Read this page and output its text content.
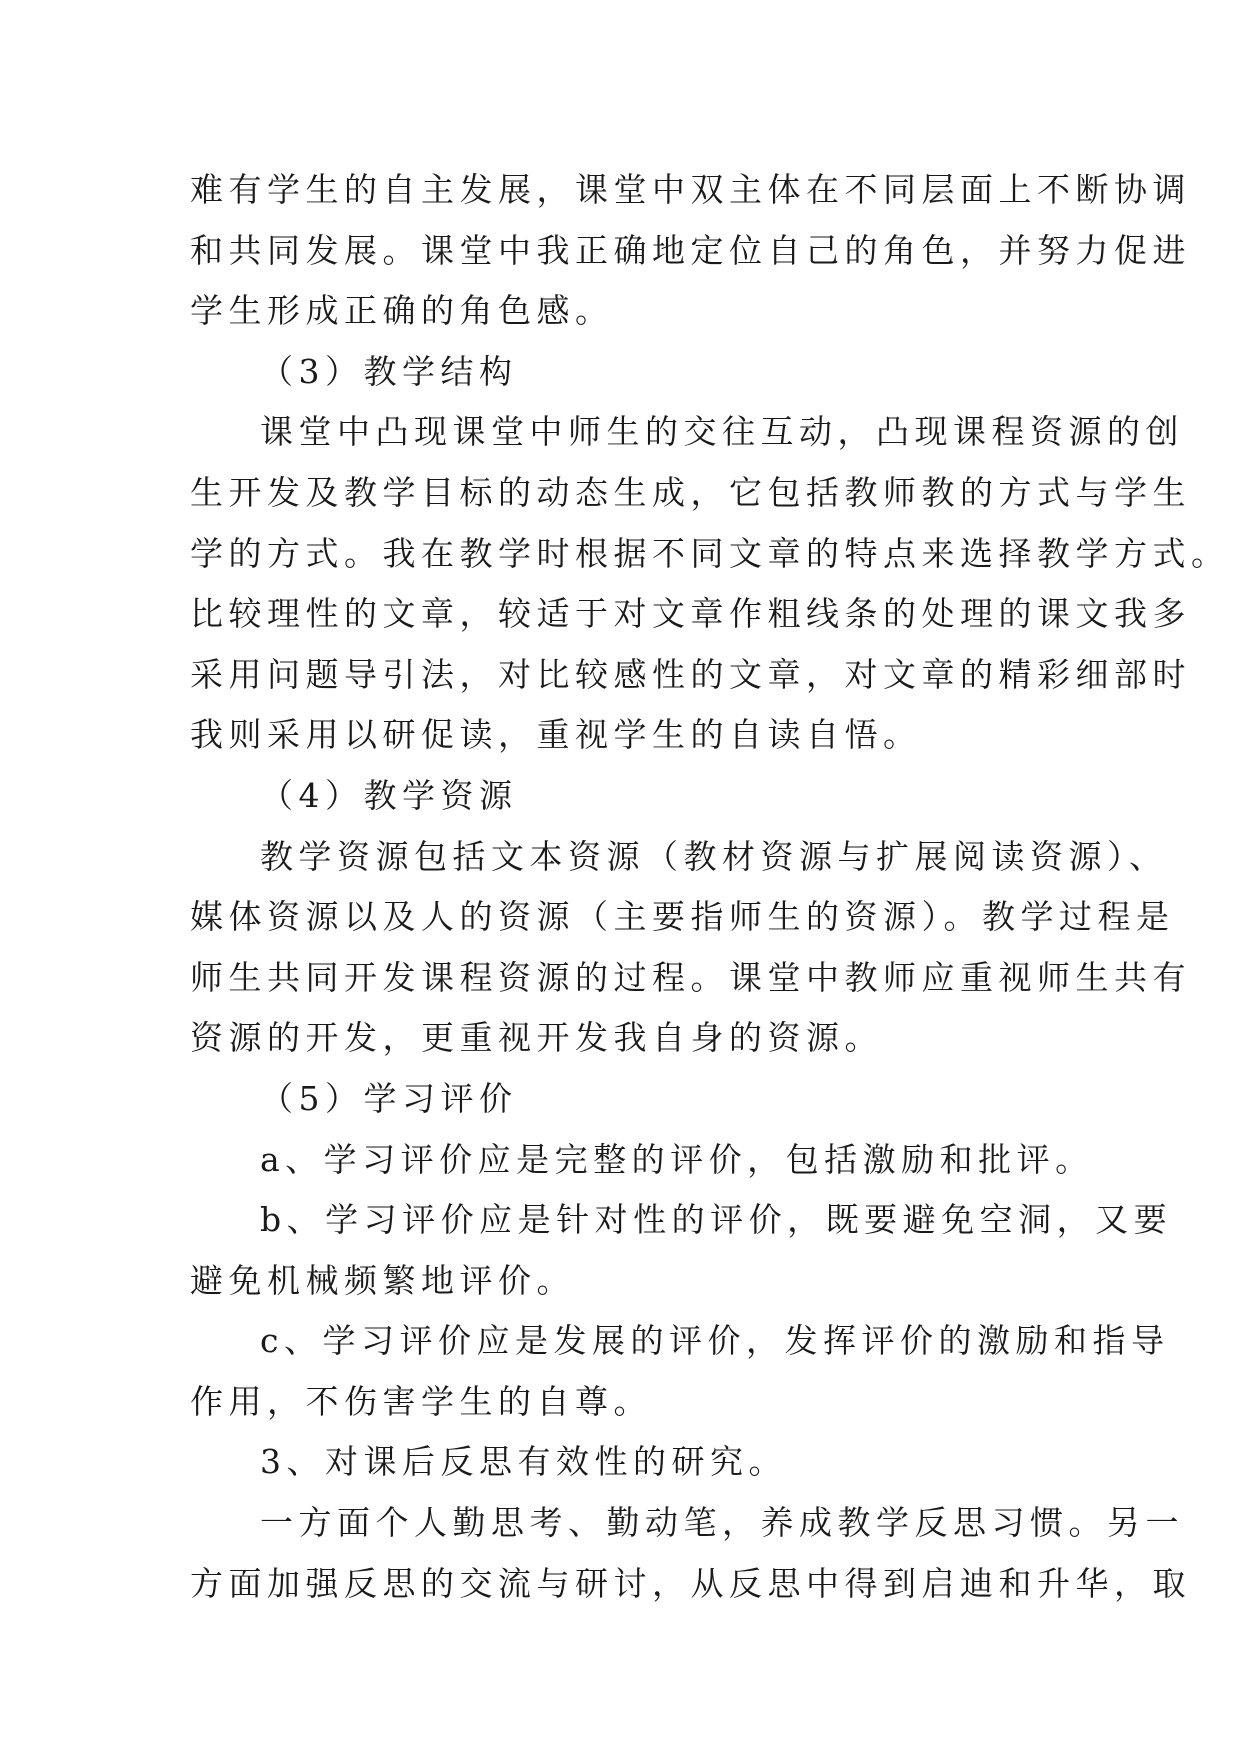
难有学生的自主发展，课堂中双主体在不同层面上不断协调
和共同发展。课堂中我正确地定位自己的角色，并努力促进
学生形成正确的角色感。
（3）教学结构
课堂中凸现课堂中师生的交往互动，凸现课程资源的创
生开发及教学目标的动态生成，它包括教师教的方式与学生
学的方式。我在教学时根据不同文章的特点来选择教学方式。
比较理性的文章，较适于对文章作粗线条的处理的课文我多
采用问题导引法，对比较感性的文章，对文章的精彩细部时
我则采用以研促读，重视学生的自读自悟。
（4）教学资源
教学资源包括文本资源（教材资源与扩展阅读资源）、
媒体资源以及人的资源（主要指师生的资源）。教学过程是
师生共同开发课程资源的过程。课堂中教师应重视师生共有
资源的开发，更重视开发我自身的资源。
（5）学习评价
a、学习评价应是完整的评价，包括激励和批评。
b、学习评价应是针对性的评价，既要避免空洞，又要
避免机械频繁地评价。
c、学习评价应是发展的评价，发挥评价的激励和指导
作用，不伤害学生的自尊。
3、对课后反思有效性的研究。
一方面个人勤思考、勤动笔，养成教学反思习惯。另一
方面加强反思的交流与研讨，从反思中得到启迪和升华，取
